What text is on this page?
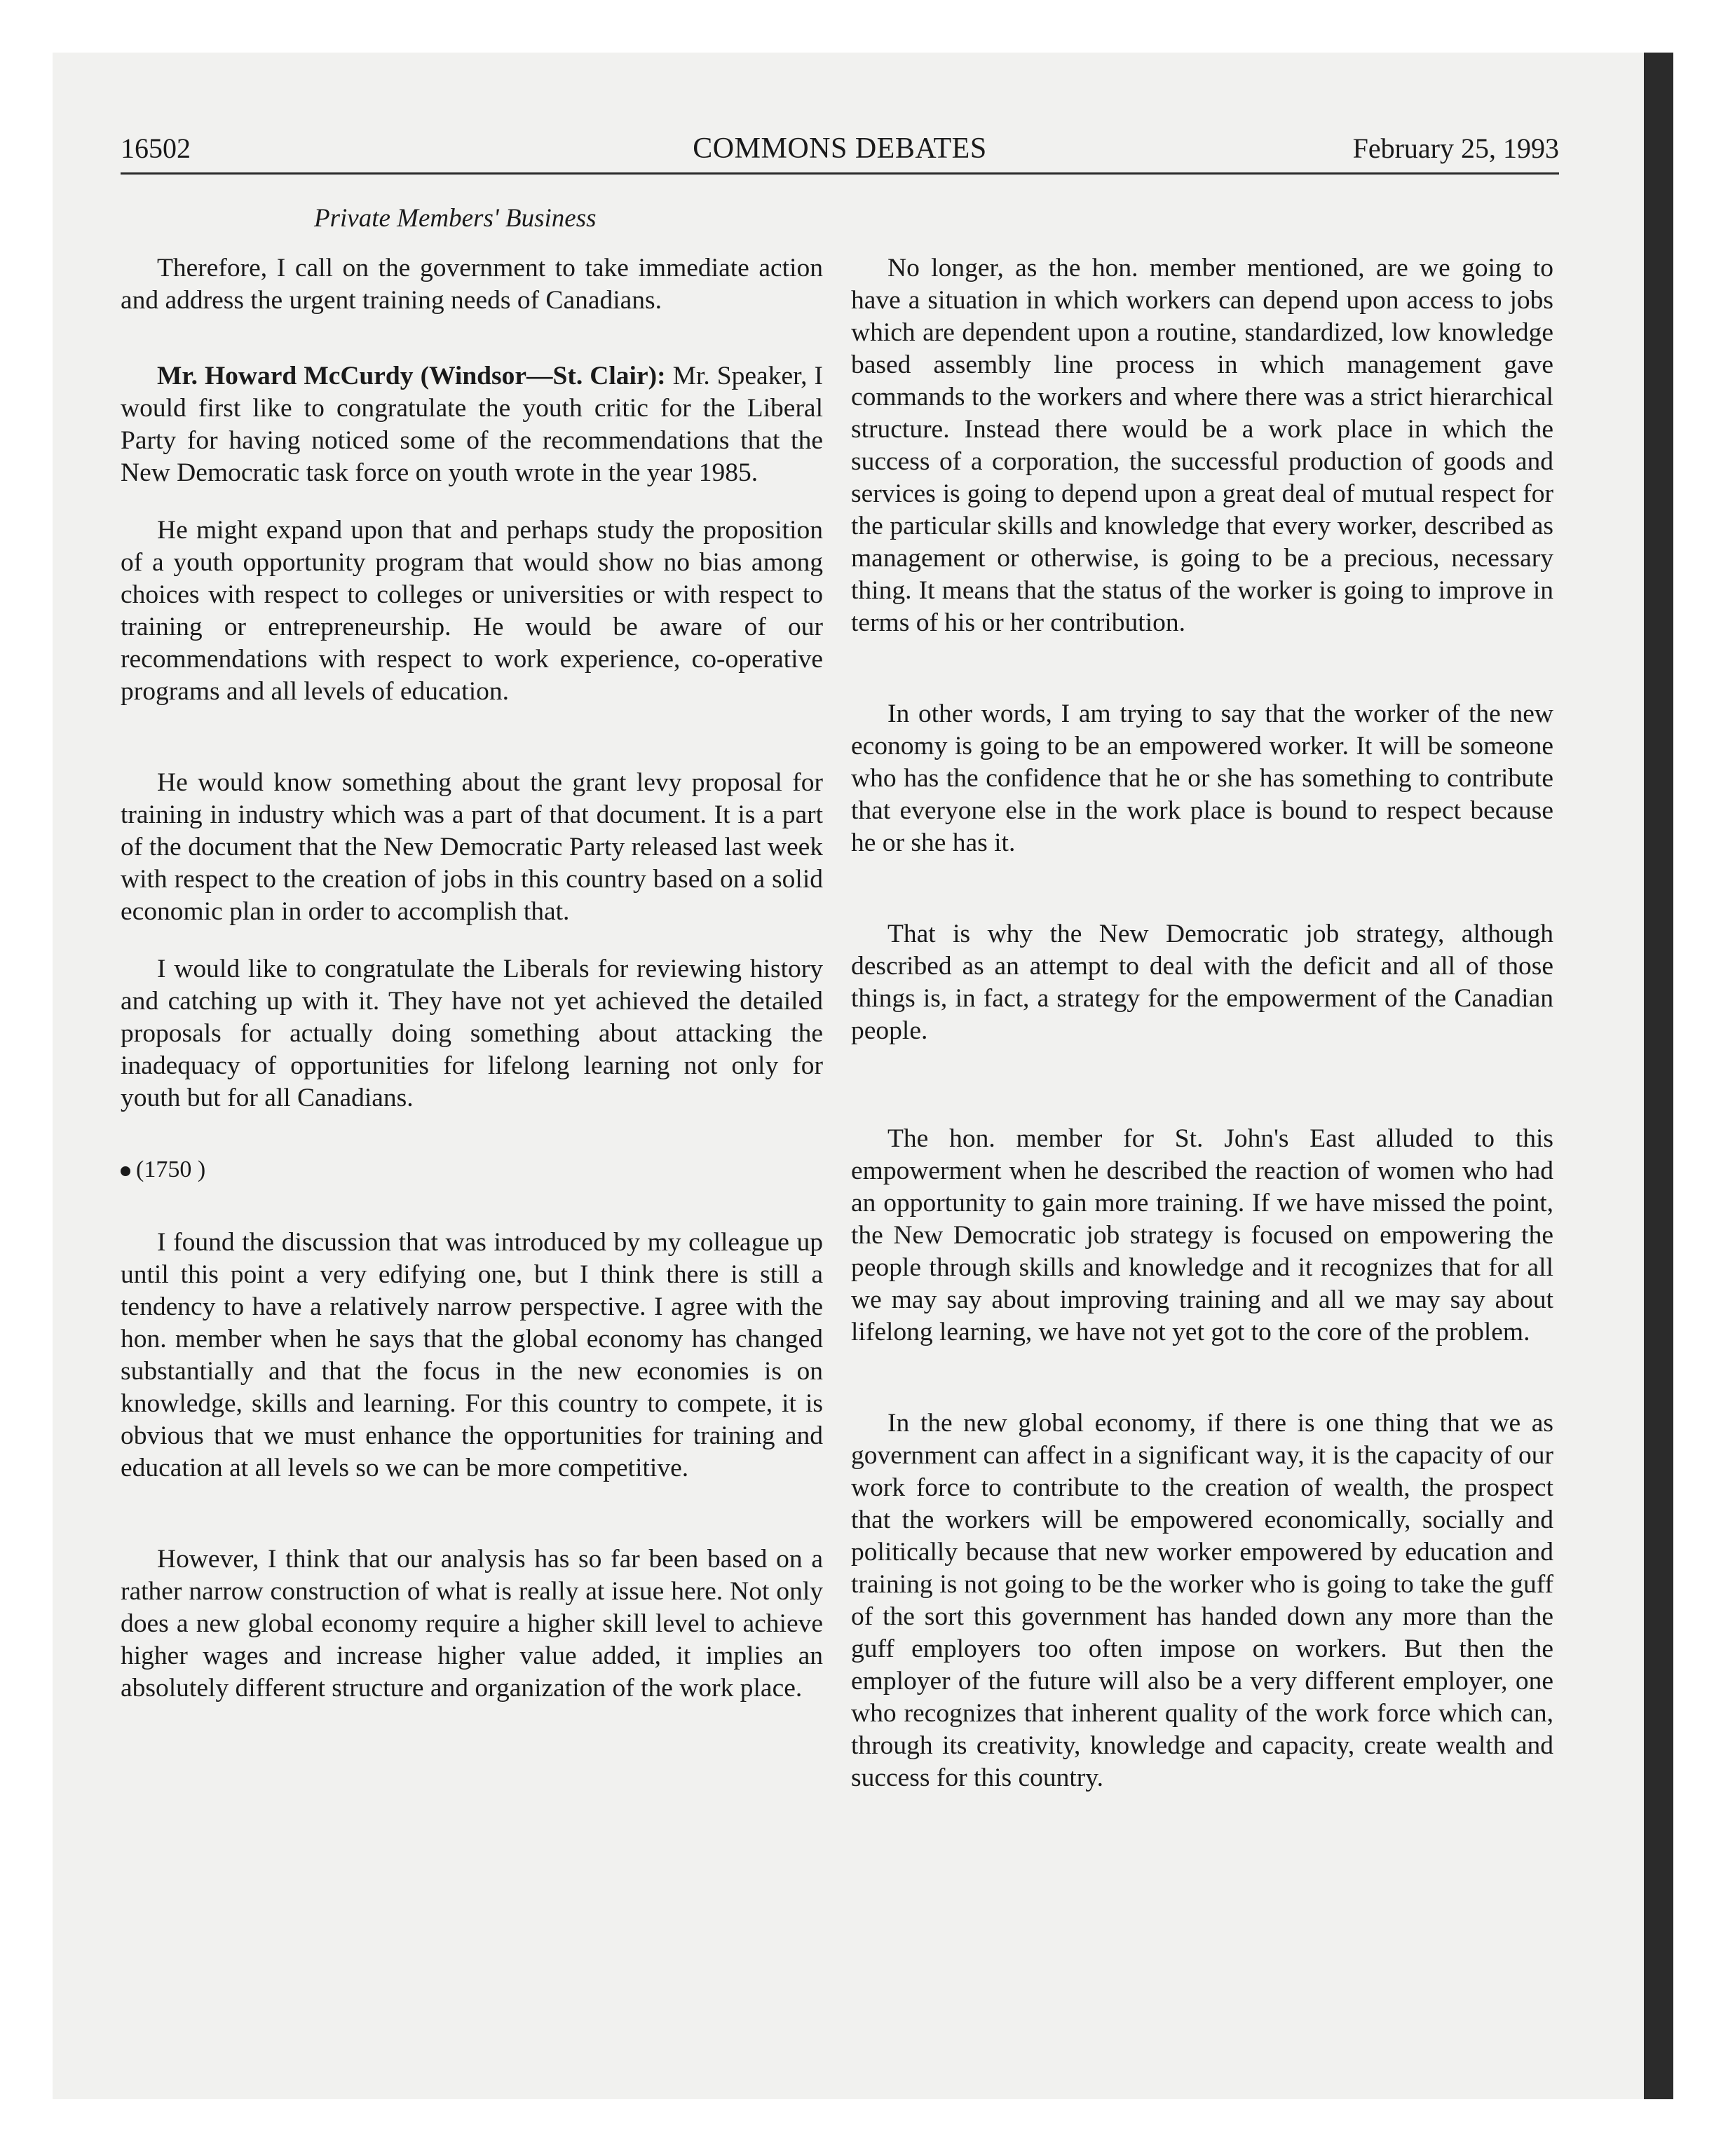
16502	COMMONS DEBATES	February 25, 1993
Private Members' Business

Therefore, I call on the government to take immediate action and address the urgent training needs of Canadians.

Mr. Howard McCurdy (Windsor—St. Clair): Mr. Speaker, I would first like to congratulate the youth critic for the Liberal Party for having noticed some of the recommendations that the New Democratic task force on youth wrote in the year 1985.

He might expand upon that and perhaps study the proposition of a youth opportunity program that would show no bias among choices with respect to colleges or universities or with respect to training or entrepreneurship. He would be aware of our recommendations with respect to work experience, co-operative programs and all levels of education.

He would know something about the grant levy proposal for training in industry which was a part of that document. It is a part of the document that the New Democratic Party released last week with respect to the creation of jobs in this country based on a solid economic plan in order to accomplish that.

I would like to congratulate the Liberals for reviewing history and catching up with it. They have not yet achieved the detailed proposals for actually doing something about attacking the inadequacy of opportunities for lifelong learning not only for youth but for all Canadians.

(1750 )

I found the discussion that was introduced by my colleague up until this point a very edifying one, but I think there is still a tendency to have a relatively narrow perspective. I agree with the hon. member when he says that the global economy has changed substantially and that the focus in the new economies is on knowledge, skills and learning. For this country to compete, it is obvious that we must enhance the opportunities for training and education at all levels so we can be more competitive.

However, I think that our analysis has so far been based on a rather narrow construction of what is really at issue here. Not only does a new global economy require a higher skill level to achieve higher wages and increase higher value added, it implies an absolutely different structure and organization of the work place.

No longer, as the hon. member mentioned, are we going to have a situation in which workers can depend upon access to jobs which are dependent upon a routine, standardized, low knowledge based assembly line process in which management gave commands to the workers and where there was a strict hierarchical structure. Instead there would be a work place in which the success of a corporation, the successful production of goods and services is going to depend upon a great deal of mutual respect for the particular skills and knowledge that every worker, described as management or otherwise, is going to be a precious, necessary thing. It means that the status of the worker is going to improve in terms of his or her contribution.

In other words, I am trying to say that the worker of the new economy is going to be an empowered worker. It will be someone who has the confidence that he or she has something to contribute that everyone else in the work place is bound to respect because he or she has it.

That is why the New Democratic job strategy, although described as an attempt to deal with the deficit and all of those things is, in fact, a strategy for the empowerment of the Canadian people.

The hon. member for St. John's East alluded to this empowerment when he described the reaction of women who had an opportunity to gain more training. If we have missed the point, the New Democratic job strategy is focused on empowering the people through skills and knowledge and it recognizes that for all we may say about improving training and all we may say about lifelong learning, we have not yet got to the core of the problem.

In the new global economy, if there is one thing that we as government can affect in a significant way, it is the capacity of our work force to contribute to the creation of wealth, the prospect that the workers will be empowered economically, socially and politically because that new worker empowered by education and training is not going to be the worker who is going to take the guff of the sort this government has handed down any more than the guff employers too often impose on workers. But then the employer of the future will also be a very different employer, one who recognizes that inherent quality of the work force which can, through its creativity, knowledge and capacity, create wealth and success for this country.
